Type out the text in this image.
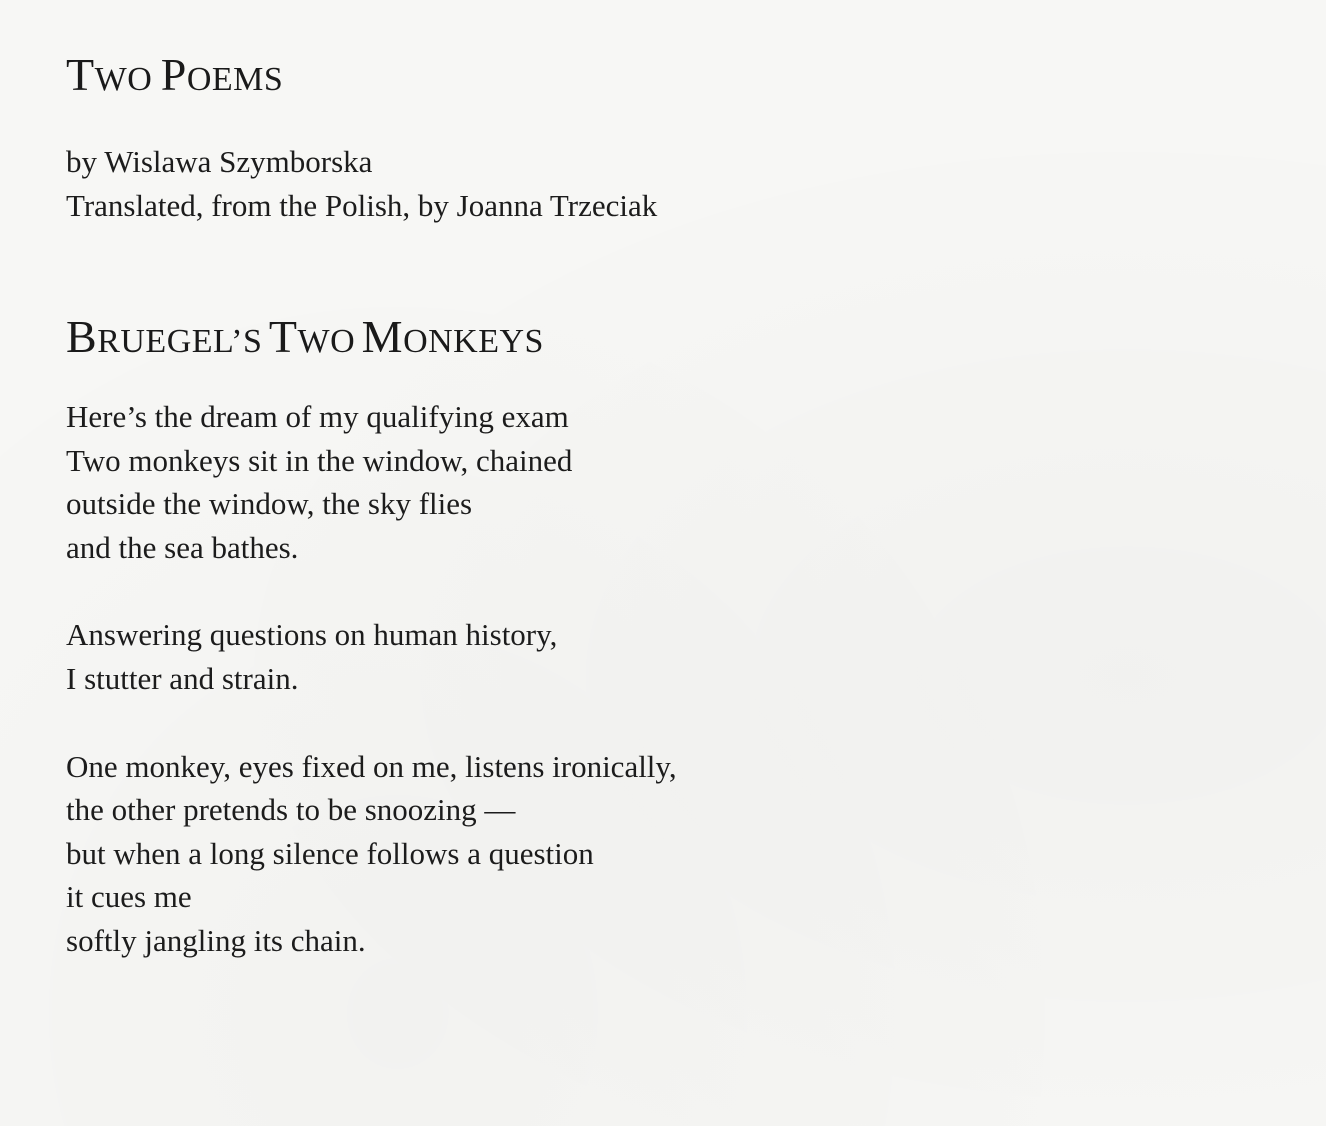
TWO POEMS
by Wislawa Szymborska
Translated, from the Polish, by Joanna Trzeciak
BRUEGEL’S TWO MONKEYS

Here’s the dream of my qualifying exam
Two monkeys sit in the window, chained
outside the window, the sky flies
and the sea bathes.

Answering questions on human history,
I stutter and strain.

One monkey, eyes fixed on me, listens ironically,
the other pretends to be snoozing —
but when a long silence follows a question
it cues me
softly jangling its chain.
